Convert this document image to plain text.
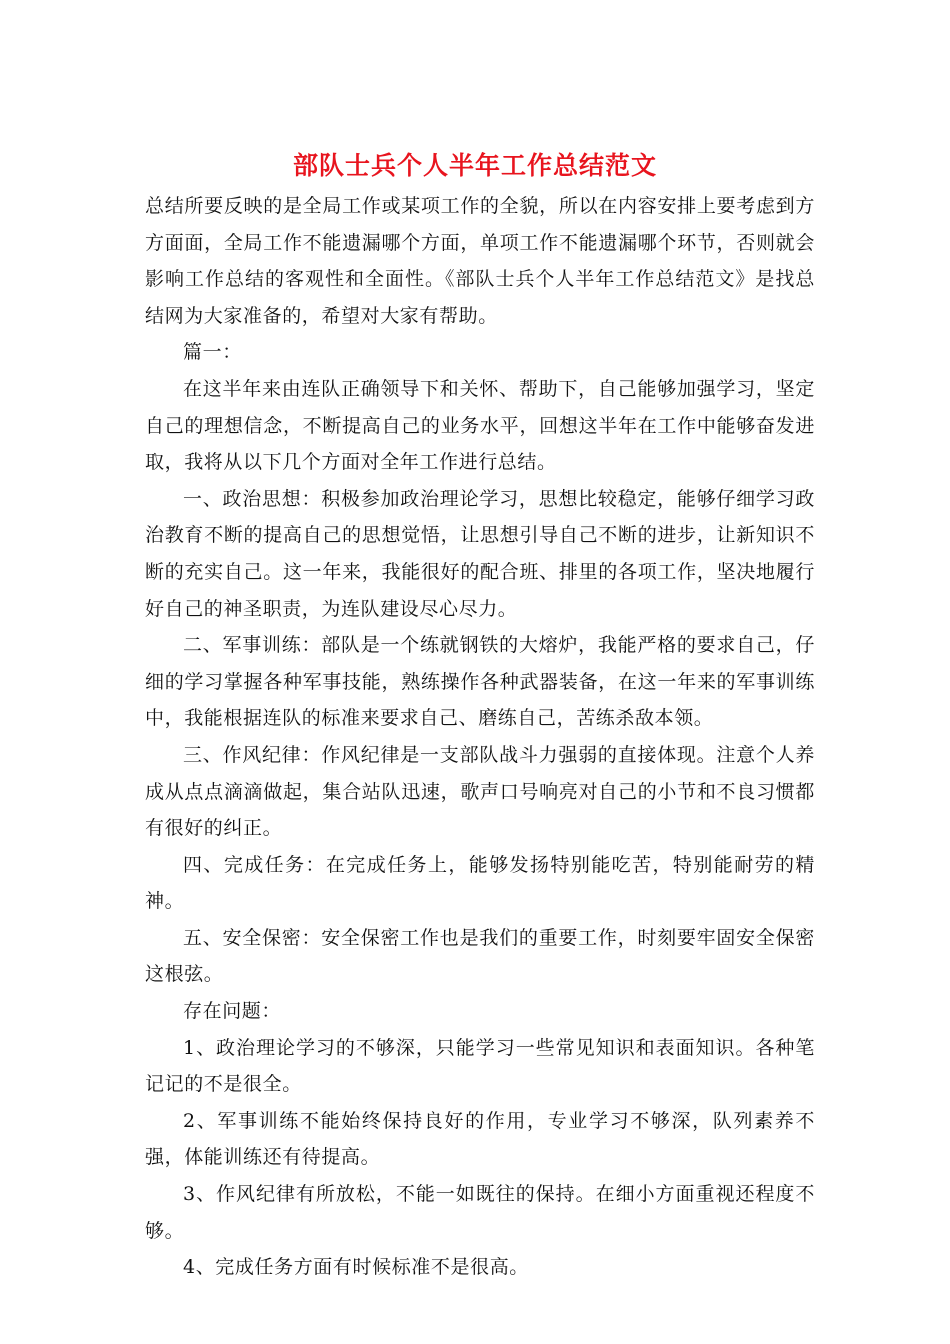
部队士兵个人半年工作总结范文

总结所要反映的是全局工作或某项工作的全貌，所以在内容安排上要考虑到方方面面，全局工作不能遗漏哪个方面，单项工作不能遗漏哪个环节，否则就会影响工作总结的客观性和全面性。《部队士兵个人半年工作总结范文》是找总结网为大家准备的，希望对大家有帮助。

篇一：

在这半年来由连队正确领导下和关怀、帮助下，自己能够加强学习，坚定自己的理想信念，不断提高自己的业务水平，回想这半年在工作中能够奋发进取，我将从以下几个方面对全年工作进行总结。

一、政治思想：积极参加政治理论学习，思想比较稳定，能够仔细学习政治教育不断的提高自己的思想觉悟，让思想引导自己不断的进步，让新知识不断的充实自己。这一年来，我能很好的配合班、排里的各项工作，坚决地履行好自己的神圣职责，为连队建设尽心尽力。

二、军事训练：部队是一个练就钢铁的大熔炉，我能严格的要求自己，仔细的学习掌握各种军事技能，熟练操作各种武器装备，在这一年来的军事训练中，我能根据连队的标准来要求自己、磨练自己，苦练杀敌本领。

三、作风纪律：作风纪律是一支部队战斗力强弱的直接体现。注意个人养成从点点滴滴做起，集合站队迅速，歌声口号响亮对自己的小节和不良习惯都有很好的纠正。

四、完成任务：在完成任务上，能够发扬特别能吃苦，特别能耐劳的精神。

五、安全保密：安全保密工作也是我们的重要工作，时刻要牢固安全保密这根弦。

存在问题：

1、政治理论学习的不够深，只能学习一些常见知识和表面知识。各种笔记记的不是很全。

2、军事训练不能始终保持良好的作用，专业学习不够深，队列素养不强，体能训练还有待提高。

3、作风纪律有所放松，不能一如既往的保持。在细小方面重视还程度不够。

4、完成任务方面有时候标准不是很高。
